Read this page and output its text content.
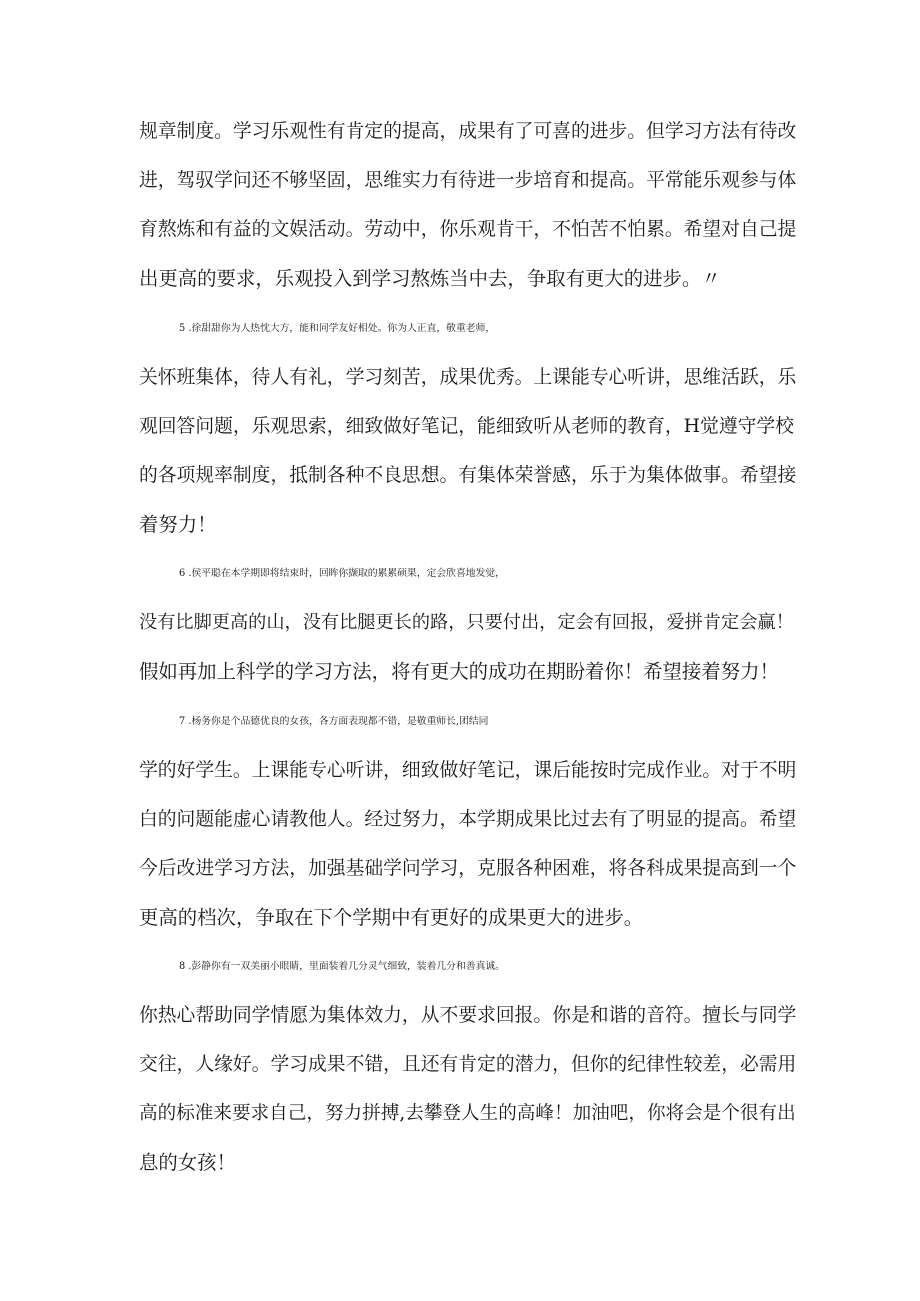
规章制度。学习乐观性有肯定的提高，成果有了可喜的进步。但学习方法有待改
进，驾驭学问还不够坚固，思维实力有待进一步培育和提高。平常能乐观参与体
育熬炼和有益的文娱活动。劳动中，你乐观肯干，不怕苦不怕累。希望对自己提
出更高的要求，乐观投入到学习熬炼当中去，争取有更大的进步。〃
5 .徐甜甜你为人热忱大方，能和同学友好相处。你为人正直，敬重老师，
关怀班集体，待人有礼，学习刻苦，成果优秀。上课能专心听讲，思维活跃，乐
观回答问题，乐观思索，细致做好笔记，能细致听从老师的教育，H觉遵守学校
的各项规率制度，抵制各种不良思想。有集体荣誉感，乐于为集体做事。希望接
着努力！
6 .侯平聪在本学期即将结束时，回眸你撷取的累累硕果，定会欣喜地发觉，
没有比脚更高的山，没有比腿更长的路，只要付出，定会有回报，爱拼肯定会赢！
假如再加上科学的学习方法，将有更大的成功在期盼着你！希望接着努力！
7 .杨务你是个品德优良的女孩，各方面表现都不错，是敬重师长,团结同
学的好学生。上课能专心听讲，细致做好笔记，课后能按时完成作业。对于不明
白的问题能虚心请教他人。经过努力，本学期成果比过去有了明显的提高。希望
今后改进学习方法，加强基础学问学习，克服各种困难，将各科成果提高到一个
更高的档次，争取在下个学期中有更好的成果更大的进步。
8 .彭静你有一双美丽小眼睛，里面装着几分灵气细致，装着几分和善真诚。
你热心帮助同学情愿为集体效力，从不要求回报。你是和谐的音符。擅长与同学
交往，人缘好。学习成果不错，且还有肯定的潜力，但你的纪律性较差，必需用
高的标准来要求自己，努力拼搏,去攀登人生的高峰！加油吧，你将会是个很有出
息的女孩！
